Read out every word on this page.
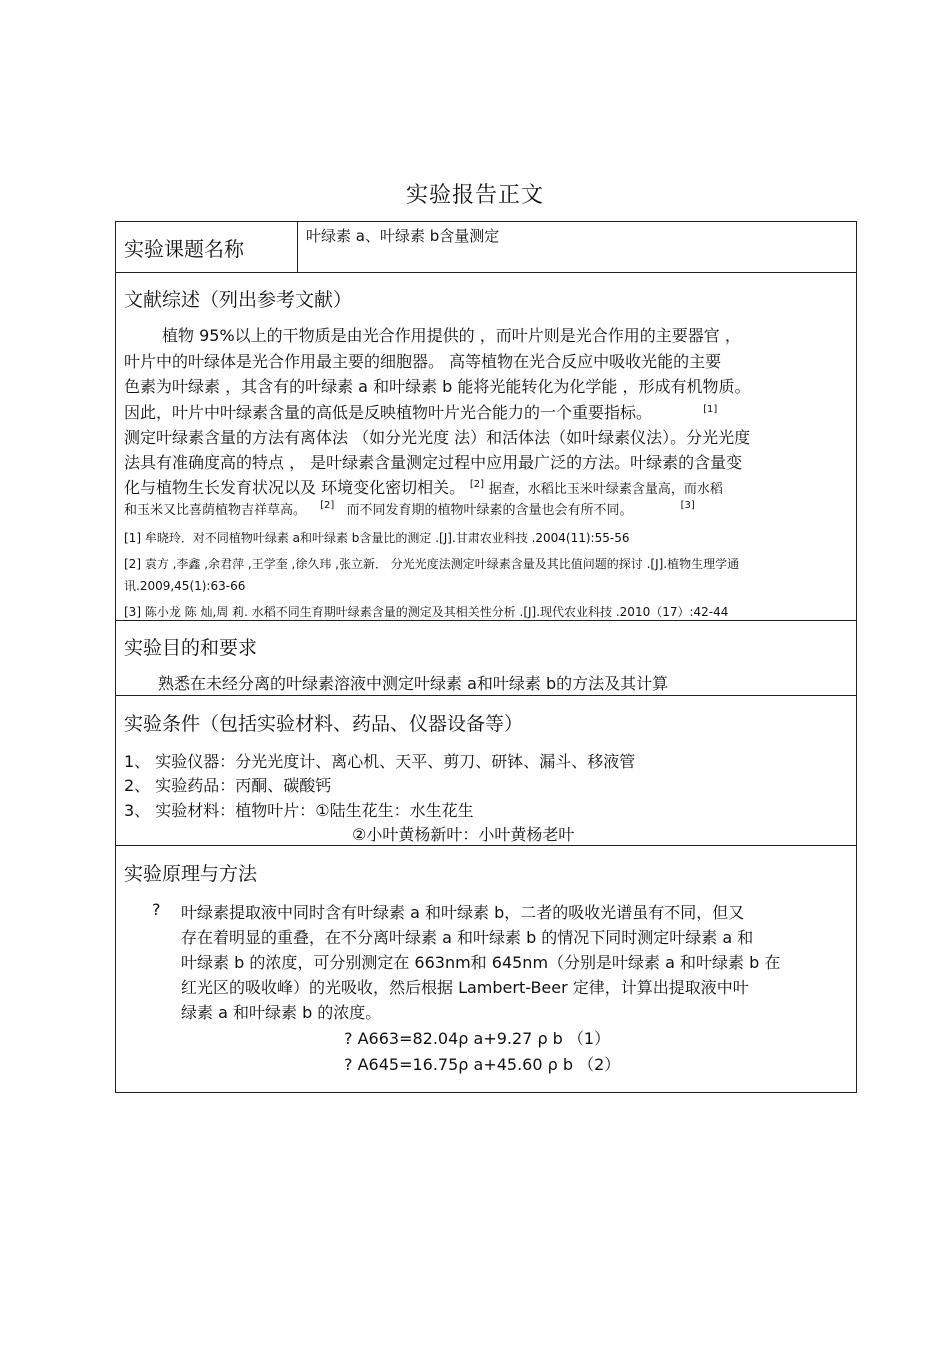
实验报告正文
实验课题名称
叶绿素 a、叶绿素 b含量测定
文献综述（列出参考文献）
植物 95%以上的干物质是由光合作用提供的 ，而叶片则是光合作用的主要器官 ，
叶片中的叶绿体是光合作用最主要的细胞器。 高等植物在光合反应中吸收光能的主要
色素为叶绿素 ，其含有的叶绿素 a 和叶绿素 b 能将光能转化为化学能 ，形成有机物质。
因此，叶片中叶绿素含量的高低是反映植物叶片光合能力的一个重要指标。	[1]
测定叶绿素含量的方法有离体法 （如分光光度 法）和活体法（如叶绿素仪法）。分光光度
法具有准确度高的特点 ， 是叶绿素含量测定过程中应用最广泛的方法。叶绿素的含量变
化与植物生长发育状况以及 环境变化密切相关。 [2] 据查，水稻比玉米叶绿素含量高，而水稻
和玉米又比喜荫植物吉祥草高。 [2] 而不同发育期的植物叶绿素的含量也会有所不同。	[3]
[1] 牟晓玲．对不同植物叶绿素 a和叶绿素 b含量比的测定 .[J].甘肃农业科技 .2004(11):55-56
[2] 袁方 ,李鑫 ,余君萍 ,王学奎 ,徐久玮 ,张立新． 分光光度法测定叶绿素含量及其比值问题的探讨 .[J].植物生理学通
讯.2009,45(1):63-66
[3] 陈小龙 陈 灿,周 莉. 水稻不同生育期叶绿素含量的测定及其相关性分析 .[J].现代农业科技 .2010（17）:42-44
实验目的和要求
熟悉在未经分离的叶绿素溶液中测定叶绿素 a和叶绿素 b的方法及其计算
实验条件（包括实验材料、药品、仪器设备等）
1、 实验仪器：分光光度计、离心机、天平、剪刀、研钵、漏斗、移液管
2、 实验药品：丙酮、碳酸钙
3、 实验材料：植物叶片：①陆生花生：水生花生
②小叶黄杨新叶：小叶黄杨老叶
实验原理与方法
? 叶绿素提取液中同时含有叶绿素 a 和叶绿素 b，二者的吸收光谱虽有不同，但又
存在着明显的重叠，在不分离叶绿素 a 和叶绿素 b 的情况下同时测定叶绿素 a 和
叶绿素 b 的浓度，可分别测定在 663nm和 645nm（分别是叶绿素 a 和叶绿素 b 在
红光区的吸收峰）的光吸收，然后根据 Lambert-Beer 定律，计算出提取液中叶
绿素 a 和叶绿素 b 的浓度。
? A663=82.04ρ a+9.27 ρ b （1）
? A645=16.75ρ a+45.60 ρ b （2）
